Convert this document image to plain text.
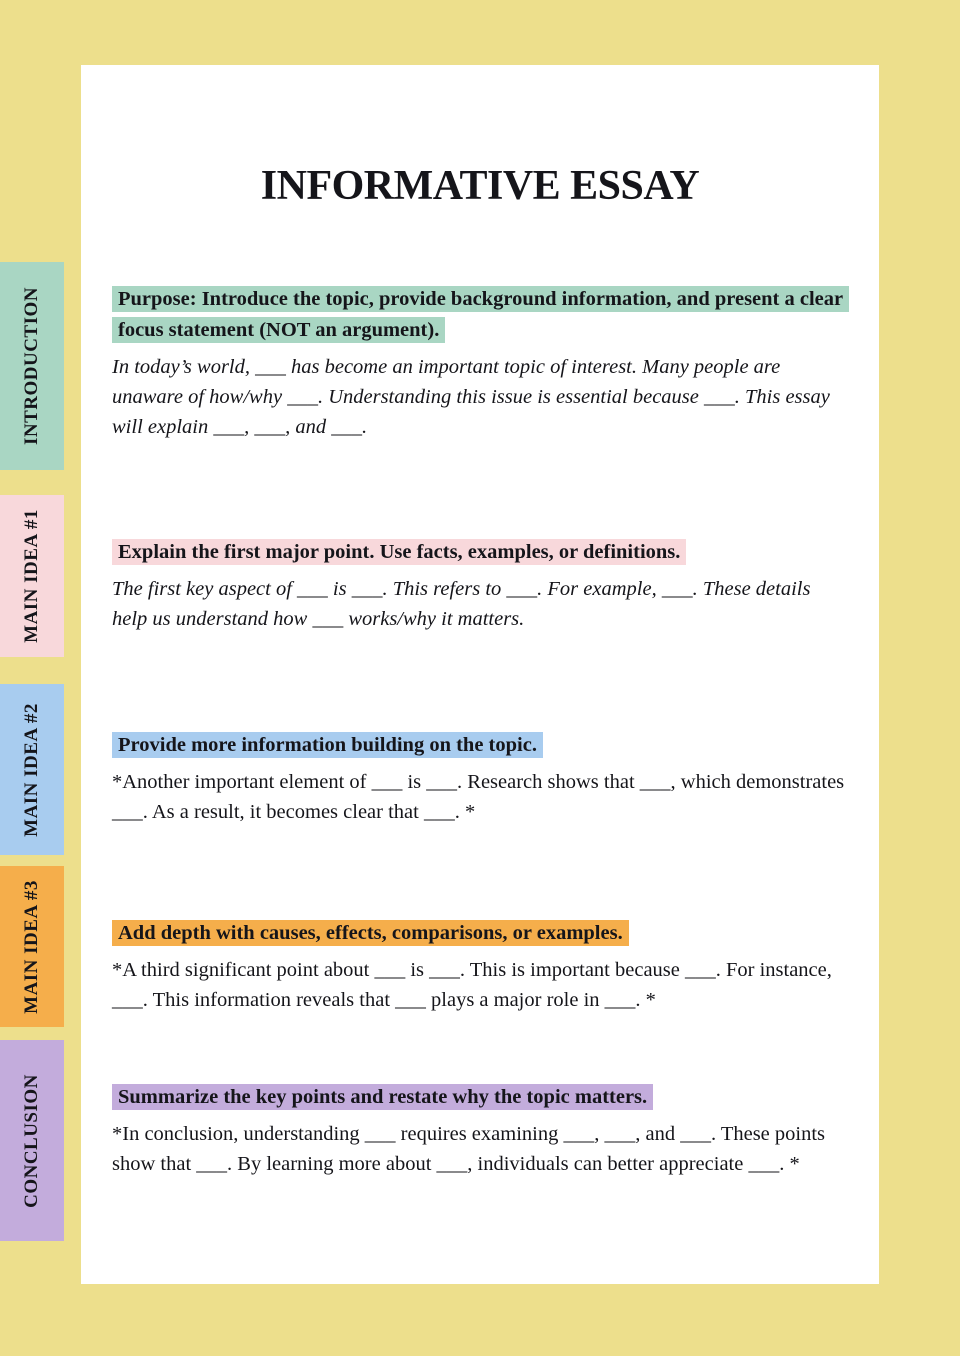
INFORMATIVE ESSAY
INTRODUCTION
MAIN IDEA #1
MAIN IDEA #2
MAIN IDEA #3
CONCLUSION
Purpose: Introduce the topic, provide background information, and present a clear focus statement (NOT an argument).

In today’s world, ___ has become an important topic of interest. Many people are unaware of how/why ___. Understanding this issue is essential because ___. This essay will explain ___, ___, and ___.

Explain the first major point. Use facts, examples, or definitions.

The first key aspect of ___ is ___. This refers to ___. For example, ___. These details help us understand how ___ works/why it matters.

Provide more information building on the topic.

*Another important element of ___ is ___. Research shows that ___, which demonstrates ___. As a result, it becomes clear that ___. *

Add depth with causes, effects, comparisons, or examples.

*A third significant point about ___ is ___. This is important because ___. For instance, ___. This information reveals that ___ plays a major role in ___. *

Summarize the key points and restate why the topic matters.

*In conclusion, understanding ___ requires examining ___, ___, and ___. These points show that ___. By learning more about ___, individuals can better appreciate ___. *
